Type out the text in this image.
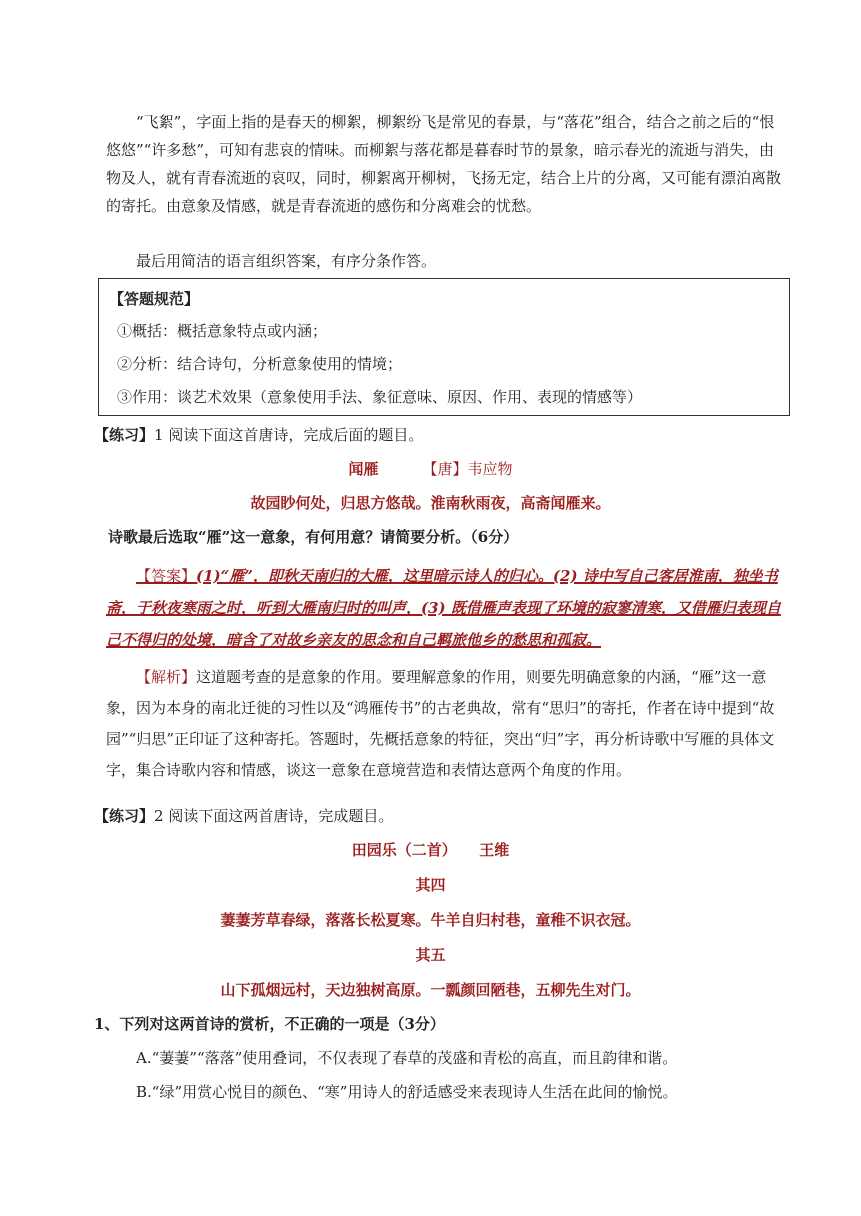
“飞絮”，字面上指的是春天的柳絮，柳絮纷飞是常见的春景，与“落花”组合，结合之前之后的“恨悠悠”“许多愁”，可知有悲哀的情味。而柳絮与落花都是暮春时节的景象，暗示春光的流逝与消失，由物及人，就有青春流逝的哀叹，同时，柳絮离开柳树，飞扬无定，结合上片的分离，又可能有漂泊离散的寄托。由意象及情感，就是青春流逝的感伤和分离难会的忧愁。

最后用简洁的语言组织答案，有序分条作答。

【答题规范】
①概括：概括意象特点或内涵；
②分析：结合诗句，分析意象使用的情境；
③作用：谈艺术效果（意象使用手法、象征意味、原因、作用、表现的情感等）
【练习】1 阅读下面这首唐诗，完成后面的题目。
闻雁	【唐】韦应物
故园眇何处，归思方悠哉。淮南秋雨夜，高斋闻雁来。
诗歌最后选取“雁”这一意象，有何用意？请简要分析。（6分）

【答案】(1)“雁”，即秋天南归的大雁，这里暗示诗人的归心。(2) 诗中写自己客居淮南，独坐书斋，于秋夜寒雨之时，听到大雁南归时的叫声，(3) 既借雁声表现了环境的寂寥清寒，又借雁归表现自己不得归的处境，暗含了对故乡亲友的思念和自己羁旅他乡的愁思和孤寂。

【解析】这道题考查的是意象的作用。要理解意象的作用，则要先明确意象的内涵，“雁”这一意象，因为本身的南北迁徙的习性以及“鸿雁传书”的古老典故，常有“思归”的寄托，作者在诗中提到“故园”“归思”正印证了这种寄托。答题时，先概括意象的特征，突出“归”字，再分析诗歌中写雁的具体文字，集合诗歌内容和情感，谈这一意象在意境营造和表情达意两个角度的作用。

【练习】2 阅读下面这两首唐诗，完成题目。
田园乐（二首）　　王维
其四
萋萋芳草春绿，落落长松夏寒。牛羊自归村巷，童稚不识衣冠。
其五
山下孤烟远村，天边独树高原。一瓢颜回陋巷，五柳先生对门。
1、下列对这两首诗的赏析，不正确的一项是（3分）
A.“萋萋”“落落”使用叠词，不仅表现了春草的茂盛和青松的高直，而且韵律和谐。
B.“绿”用赏心悦目的颜色、“寒”用诗人的舒适感受来表现诗人生活在此间的愉悦。
